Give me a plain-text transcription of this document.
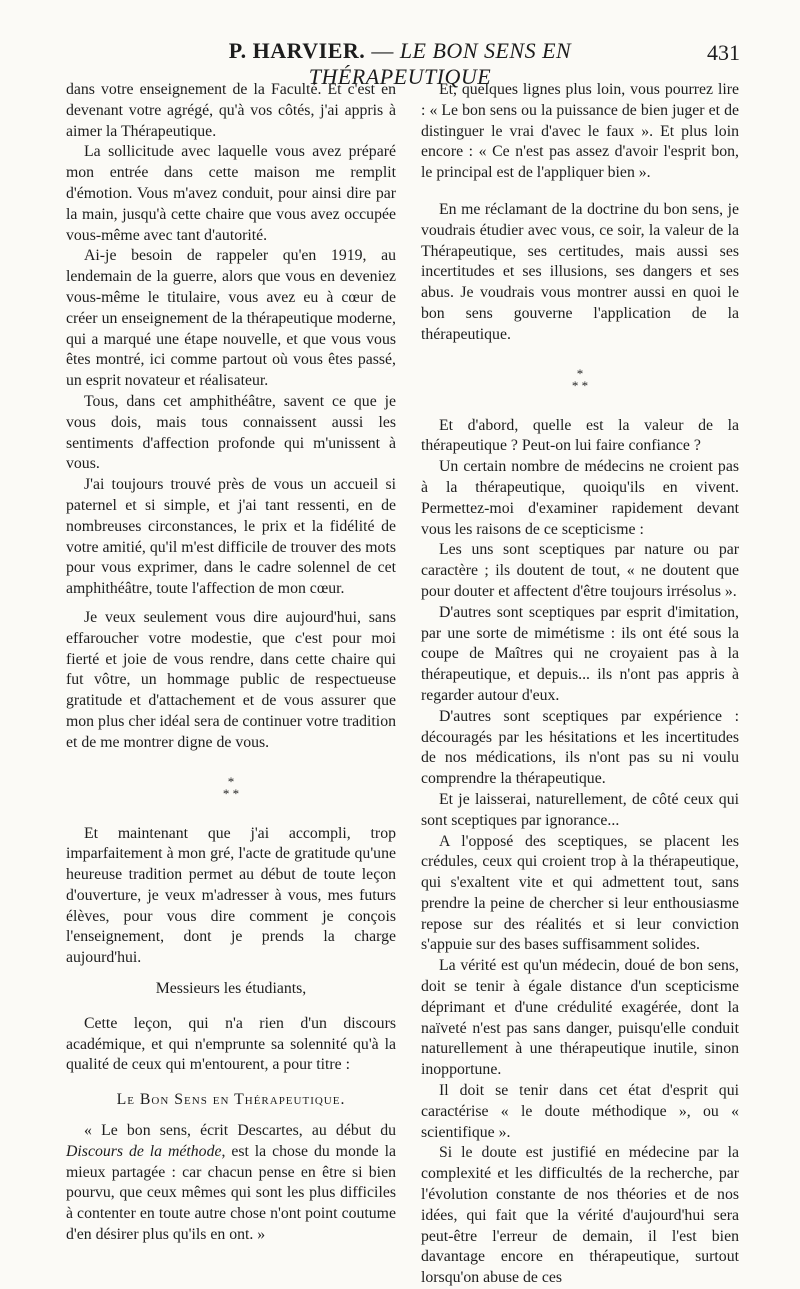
P. HARVIER. — LE BON SENS EN THÉRAPEUTIQUE
431

dans votre enseignement de la Faculté. Et c'est en devenant votre agrégé, qu'à vos côtés, j'ai appris à aimer la Thérapeutique.

La sollicitude avec laquelle vous avez préparé mon entrée dans cette maison me remplit d'émotion. Vous m'avez conduit, pour ainsi dire par la main, jusqu'à cette chaire que vous avez occupée vous-même avec tant d'autorité.

Ai-je besoin de rappeler qu'en 1919, au lendemain de la guerre, alors que vous en deveniez vous-même le titulaire, vous avez eu à cœur de créer un enseignement de la thérapeutique moderne, qui a marqué une étape nouvelle, et que vous vous êtes montré, ici comme partout où vous êtes passé, un esprit novateur et réalisateur.

Tous, dans cet amphithéâtre, savent ce que je vous dois, mais tous connaissent aussi les sentiments d'affection profonde qui m'unissent à vous.

J'ai toujours trouvé près de vous un accueil si paternel et si simple, et j'ai tant ressenti, en de nombreuses circonstances, le prix et la fidélité de votre amitié, qu'il m'est difficile de trouver des mots pour vous exprimer, dans le cadre solennel de cet amphithéâtre, toute l'affection de mon cœur.

Je veux seulement vous dire aujourd'hui, sans effaroucher votre modestie, que c'est pour moi fierté et joie de vous rendre, dans cette chaire qui fut vôtre, un hommage public de respectueuse gratitude et d'attachement et de vous assurer que mon plus cher idéal sera de continuer votre tradition et de me montrer digne de vous.

*
* *

Et maintenant que j'ai accompli, trop imparfaitement à mon gré, l'acte de gratitude qu'une heureuse tradition permet au début de toute leçon d'ouverture, je veux m'adresser à vous, mes futurs élèves, pour vous dire comment je conçois l'enseignement, dont je prends la charge aujourd'hui.

Messieurs les étudiants,

Cette leçon, qui n'a rien d'un discours académique, et qui n'emprunte sa solennité qu'à la qualité de ceux qui m'entourent, a pour titre :

Le Bon Sens en Thérapeutique.

« Le bon sens, écrit Descartes, au début du Discours de la méthode, est la chose du monde la mieux partagée : car chacun pense en être si bien pourvu, que ceux mêmes qui sont les plus difficiles à contenter en toute autre chose n'ont point coutume d'en désirer plus qu'ils en ont. »

Et, quelques lignes plus loin, vous pourrez lire : « Le bon sens ou la puissance de bien juger et de distinguer le vrai d'avec le faux ». Et plus loin encore : « Ce n'est pas assez d'avoir l'esprit bon, le principal est de l'appliquer bien ».

En me réclamant de la doctrine du bon sens, je voudrais étudier avec vous, ce soir, la valeur de la Thérapeutique, ses certitudes, mais aussi ses incertitudes et ses illusions, ses dangers et ses abus. Je voudrais vous montrer aussi en quoi le bon sens gouverne l'application de la thérapeutique.

*
* *

Et d'abord, quelle est la valeur de la thérapeutique ? Peut-on lui faire confiance ?

Un certain nombre de médecins ne croient pas à la thérapeutique, quoiqu'ils en vivent. Permettez-moi d'examiner rapidement devant vous les raisons de ce scepticisme :

Les uns sont sceptiques par nature ou par caractère ; ils doutent de tout, « ne doutent que pour douter et affectent d'être toujours irrésolus ».

D'autres sont sceptiques par esprit d'imitation, par une sorte de mimétisme : ils ont été sous la coupe de Maîtres qui ne croyaient pas à la thérapeutique, et depuis... ils n'ont pas appris à regarder autour d'eux.

D'autres sont sceptiques par expérience : découragés par les hésitations et les incertitudes de nos médications, ils n'ont pas su ni voulu comprendre la thérapeutique.

Et je laisserai, naturellement, de côté ceux qui sont sceptiques par ignorance...

A l'opposé des sceptiques, se placent les crédules, ceux qui croient trop à la thérapeutique, qui s'exaltent vite et qui admettent tout, sans prendre la peine de chercher si leur enthousiasme repose sur des réalités et si leur conviction s'appuie sur des bases suffisamment solides.

La vérité est qu'un médecin, doué de bon sens, doit se tenir à égale distance d'un scepticisme déprimant et d'une crédulité exagérée, dont la naïveté n'est pas sans danger, puisqu'elle conduit naturellement à une thérapeutique inutile, sinon inopportune.

Il doit se tenir dans cet état d'esprit qui caractérise « le doute méthodique », ou « scientifique ».

Si le doute est justifié en médecine par la complexité et les difficultés de la recherche, par l'évolution constante de nos théories et de nos idées, qui fait que la vérité d'aujourd'hui sera peut-être l'erreur de demain, il l'est bien davantage encore en thérapeutique, surtout lorsqu'on abuse de ces
